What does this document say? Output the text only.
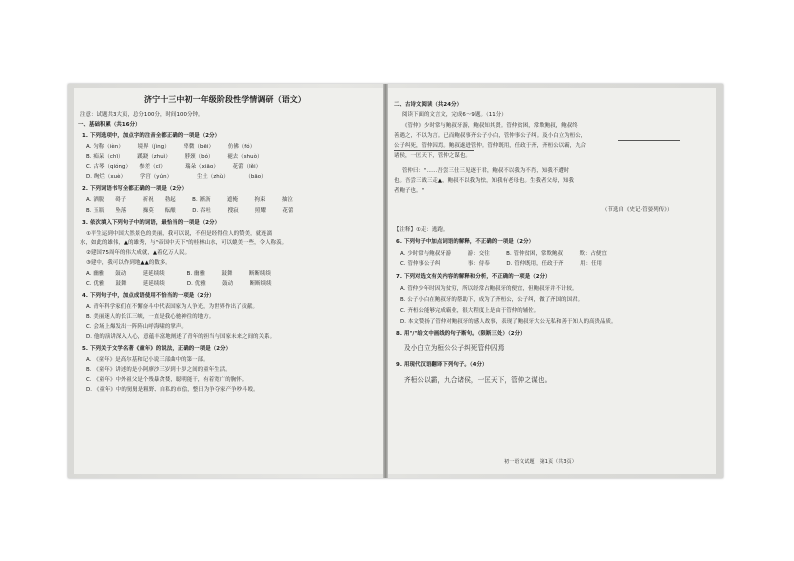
济宁十三中初一年级阶段性学情调研（语文）
注意：试题共3大页，总分100分，时间100分钟。
一、基础积累（共16分）
1. 下列选项中，加点字的注音全都正确的一项是（2分）
A. 匀称（ièn）　　　境界（jìng）　　　卑微（bēi）　　　仿佛（fó）
B. 痴呆（chī）　　　蹊跷（zhuì）　　　脖颈（bó）　　　褪去（shuò）
C. 古琴（qióng）　　参差（cī）　　　　瑞朵（xiāo）　　　花蕾（lěi）
D. 绚烂（xuè）　　　学宫（yún）　　　　　尘土（zhù）　　　　（bāo）
2. 下列词语书写全都正确的一项是（2分）
A. 洒脱　　碍子　　　祈祝　　勃起　　　B. 淅沥　　　遮掩　　　拘束　　　抽泣
B. 玉瓶　　坠落　　　操莫　　酝酿　　　D. 吞吐　　　搜寂　　　照耀　　　花蕾
3. 依次填入下列句子中的词语，最恰当的一项是（2分）
①平生运到中国大然景色的美丽，我可以说，不但是经得住人的赞美，就连漓
水，如此的雄伟，▲的雄秀，与"帝国中天下"的桂林山水，可以媲美一些，令人称羡。
②建国75周年的伟大成就，▲着亿万人民。
③建中，我可以作到地▲▲的数多。
A. 幽雅　　鼓动　　　延延续续　　　　B. 幽雅　　　鼓舞　　　断断续续
C. 优雅　　鼓舞　　　延延续续　　　　D. 优雅　　　鼓动　　　断断续续
4. 下列句子中，加点成语使用不恰当的一项是（2分）
A. 青年科学家们在不懈奋斗中代表国家为人争光，为世界作出了贡献。
B. 美丽迷人的长江三峡，一直是我心驰神往的地方。
C. 会场上爆发出一阵阵山呼海啸的掌声。
D. 他的演讲深入人心，意蕴丰富地阐述了青年的担当与国家未来之间的关系。
5. 下列关于文学名著《童年》的说法，正确的一项是（2分）
A. 《童年》是高尔基和记小说三部曲中的第一部。
B. 《童年》讲述的是小阿廖沙三岁到十岁之间的童年生活。
C. 《童年》中外祖父是个残暴贪婪，聪明能干，有着宽广的胸怀。
D. 《童年》中的舅舅是粗野、自私的市侩，整日为争夺家产争吵斗殴。
二、古诗文阅读（共24分）
阅读下面的文言文，完成6～9题。（11分）
《管仲》少时常与鲍叔牙游，鲍叔知其贤。管仲贫困，常欺鲍叔，鲍叔终
善遇之，不以为言。已而鲍叔事齐公子小白，管仲事公子纠。及小白立为桓公，
公子纠死，管仲囚焉。鲍叔遂进管仲。管仲既用，任政于齐，齐桓公以霸，九合
诸侯，一匡天下，管仲之谋也。
管仲曰："……吾尝三仕三见逐于君，鲍叔不以我为不肖，知我不遭时
也。吾尝三战三走▲，鲍叔不以我为怯，知我有老母也。生我者父母，知我
者鲍子也。"
（节选自《史记·管晏列传》）
【注释】①走：逃跑。
6. 下列句子中加点词语的解释，不正确的一项是（2分）
A. 少时常与鲍叔牙游　　　游：交往　　　B. 管仲贫困，常欺鲍叔　　　欺：占便宜
C. 管仲事公子纠　　　　　事：侍奉　　　D. 管仲既用，任政于齐　　　用：任用
7. 下列对选文有关内容的解释和分析，不正确的一项是（2分）
A. 管仲少年时因为贫穷，所以经常占鲍叔牙的便宜，但鲍叔牙并不计较。
B. 公子小白在鲍叔牙的帮助下，成为了齐桓公，公子纠，做了齐国的国君。
C. 齐桓公能够完成霸业，很大程度上是由于管仲的辅佐。
D. 本文赞扬了管仲对鲍叔牙的感人故事，表现了鲍叔牙大公无私和善于知人的高贵品质。
8. 用"/"给文中画线的句子断句。（限断三处）（2分）
及小白立为桓公公子纠死管仲囚焉
9. 用现代汉语翻译下列句子。（4分）
齐桓公以霸，九合诸侯，一匡天下，管仲之谋也。
初一语文试题　第1页（共3页）
